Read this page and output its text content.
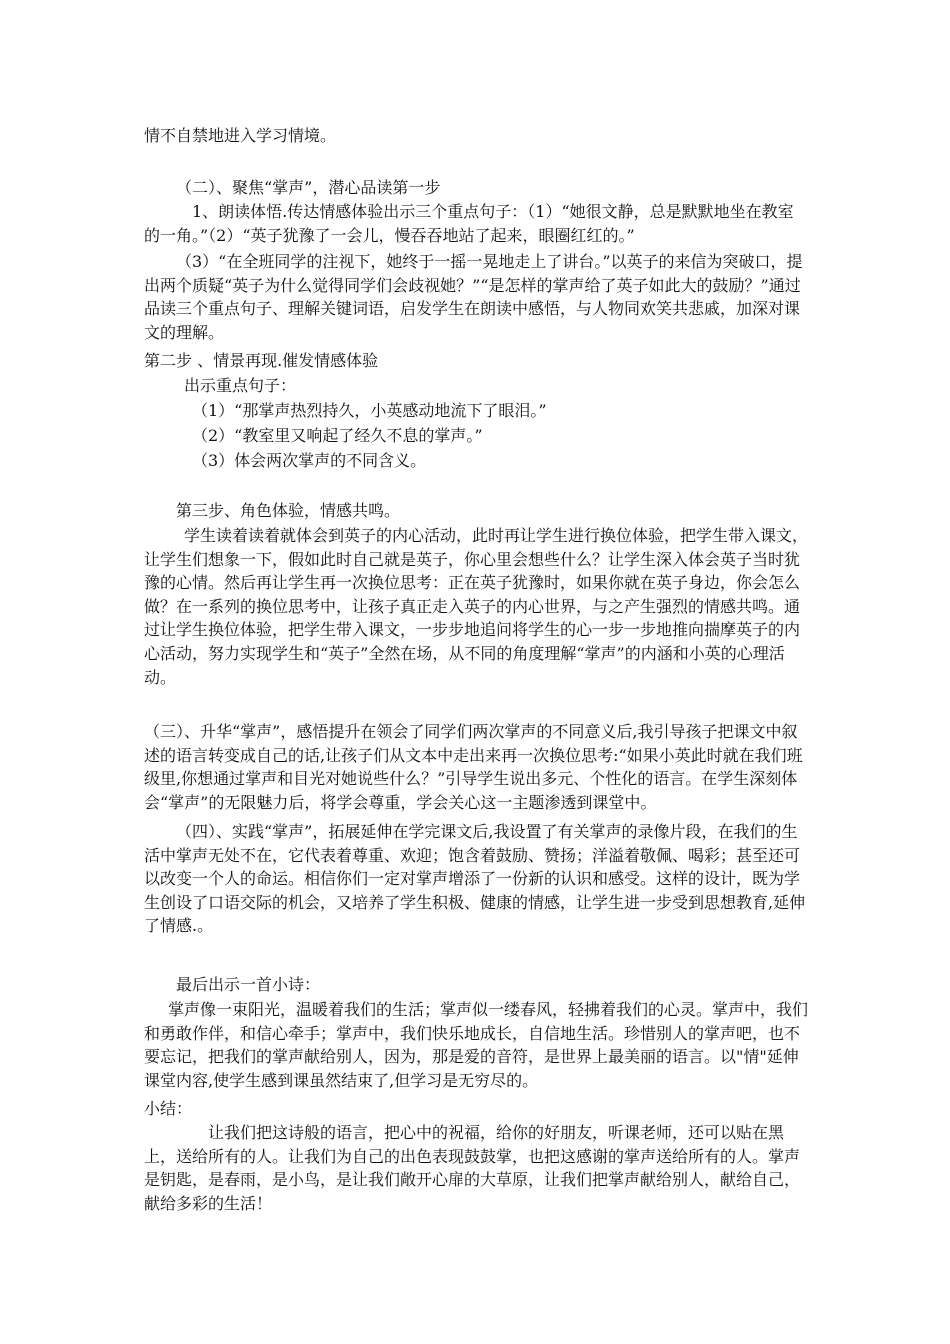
情不自禁地进入学习情境。

（二）、聚焦“掌声”，潜心品读第一步

1、朗读体悟.传达情感体验出示三个重点句子：（1）“她很文静，总是默默地坐在教室的一角。”（2）“英子犹豫了一会儿，慢吞吞地站了起来，眼圈红红的。”

（3）“在全班同学的注视下，她终于一摇一晃地走上了讲台。”以英子的来信为突破口，提出两个质疑“英子为什么觉得同学们会歧视她？”“是怎样的掌声给了英子如此大的鼓励？”通过品读三个重点句子、理解关键词语，启发学生在朗读中感悟，与人物同欢笑共悲戚，加深对课文的理解。

第二步 、情景再现.催发情感体验

出示重点句子：

（1）“那掌声热烈持久，小英感动地流下了眼泪。”

（2）“教室里又响起了经久不息的掌声。”

（3）体会两次掌声的不同含义。

第三步、角色体验，情感共鸣。

学生读着读着就体会到英子的内心活动，此时再让学生进行换位体验，把学生带入课文，让学生们想象一下，假如此时自己就是英子，你心里会想些什么？让学生深入体会英子当时犹豫的心情。然后再让学生再一次换位思考：正在英子犹豫时，如果你就在英子身边，你会怎么做？在一系列的换位思考中，让孩子真正走入英子的内心世界，与之产生强烈的情感共鸣。通过让学生换位体验，把学生带入课文，一步步地追问将学生的心一步一步地推向揣摩英子的内心活动，努力实现学生和“英子”全然在场，从不同的角度理解“掌声”的内涵和小英的心理活动。

（三）、升华“掌声”，感悟提升在领会了同学们两次掌声的不同意义后,我引导孩子把课文中叙述的语言转变成自己的话,让孩子们从文本中走出来再一次换位思考:“如果小英此时就在我们班级里,你想通过掌声和目光对她说些什么？”引导学生说出多元、个性化的语言。在学生深刻体会“掌声”的无限魅力后，将学会尊重，学会关心这一主题渗透到课堂中。

（四）、实践“掌声”，拓展延伸在学完课文后,我设置了有关掌声的录像片段，在我们的生活中掌声无处不在，它代表着尊重、欢迎；饱含着鼓励、赞扬；洋溢着敬佩、喝彩；甚至还可以改变一个人的命运。相信你们一定对掌声增添了一份新的认识和感受。这样的设计，既为学生创设了口语交际的机会，又培养了学生积极、健康的情感，让学生进一步受到思想教育,延伸了情感.。

最后出示一首小诗：

掌声像一束阳光，温暖着我们的生活；掌声似一缕春风，轻拂着我们的心灵。掌声中，我们和勇敢作伴，和信心牵手；掌声中，我们快乐地成长，自信地生活。珍惜别人的掌声吧，也不要忘记，把我们的掌声献给别人，因为，那是爱的音符，是世界上最美丽的语言。以"情"延伸课堂内容,使学生感到课虽然结束了,但学习是无穷尽的。

小结：

让我们把这诗般的语言，把心中的祝福，给你的好朋友，听课老师，还可以贴在黑上，送给所有的人。让我们为自己的出色表现鼓鼓掌，也把这感谢的掌声送给所有的人。掌声是钥匙，是春雨，是小鸟，是让我们敞开心扉的大草原，让我们把掌声献给别人，献给自己，献给多彩的生活！
